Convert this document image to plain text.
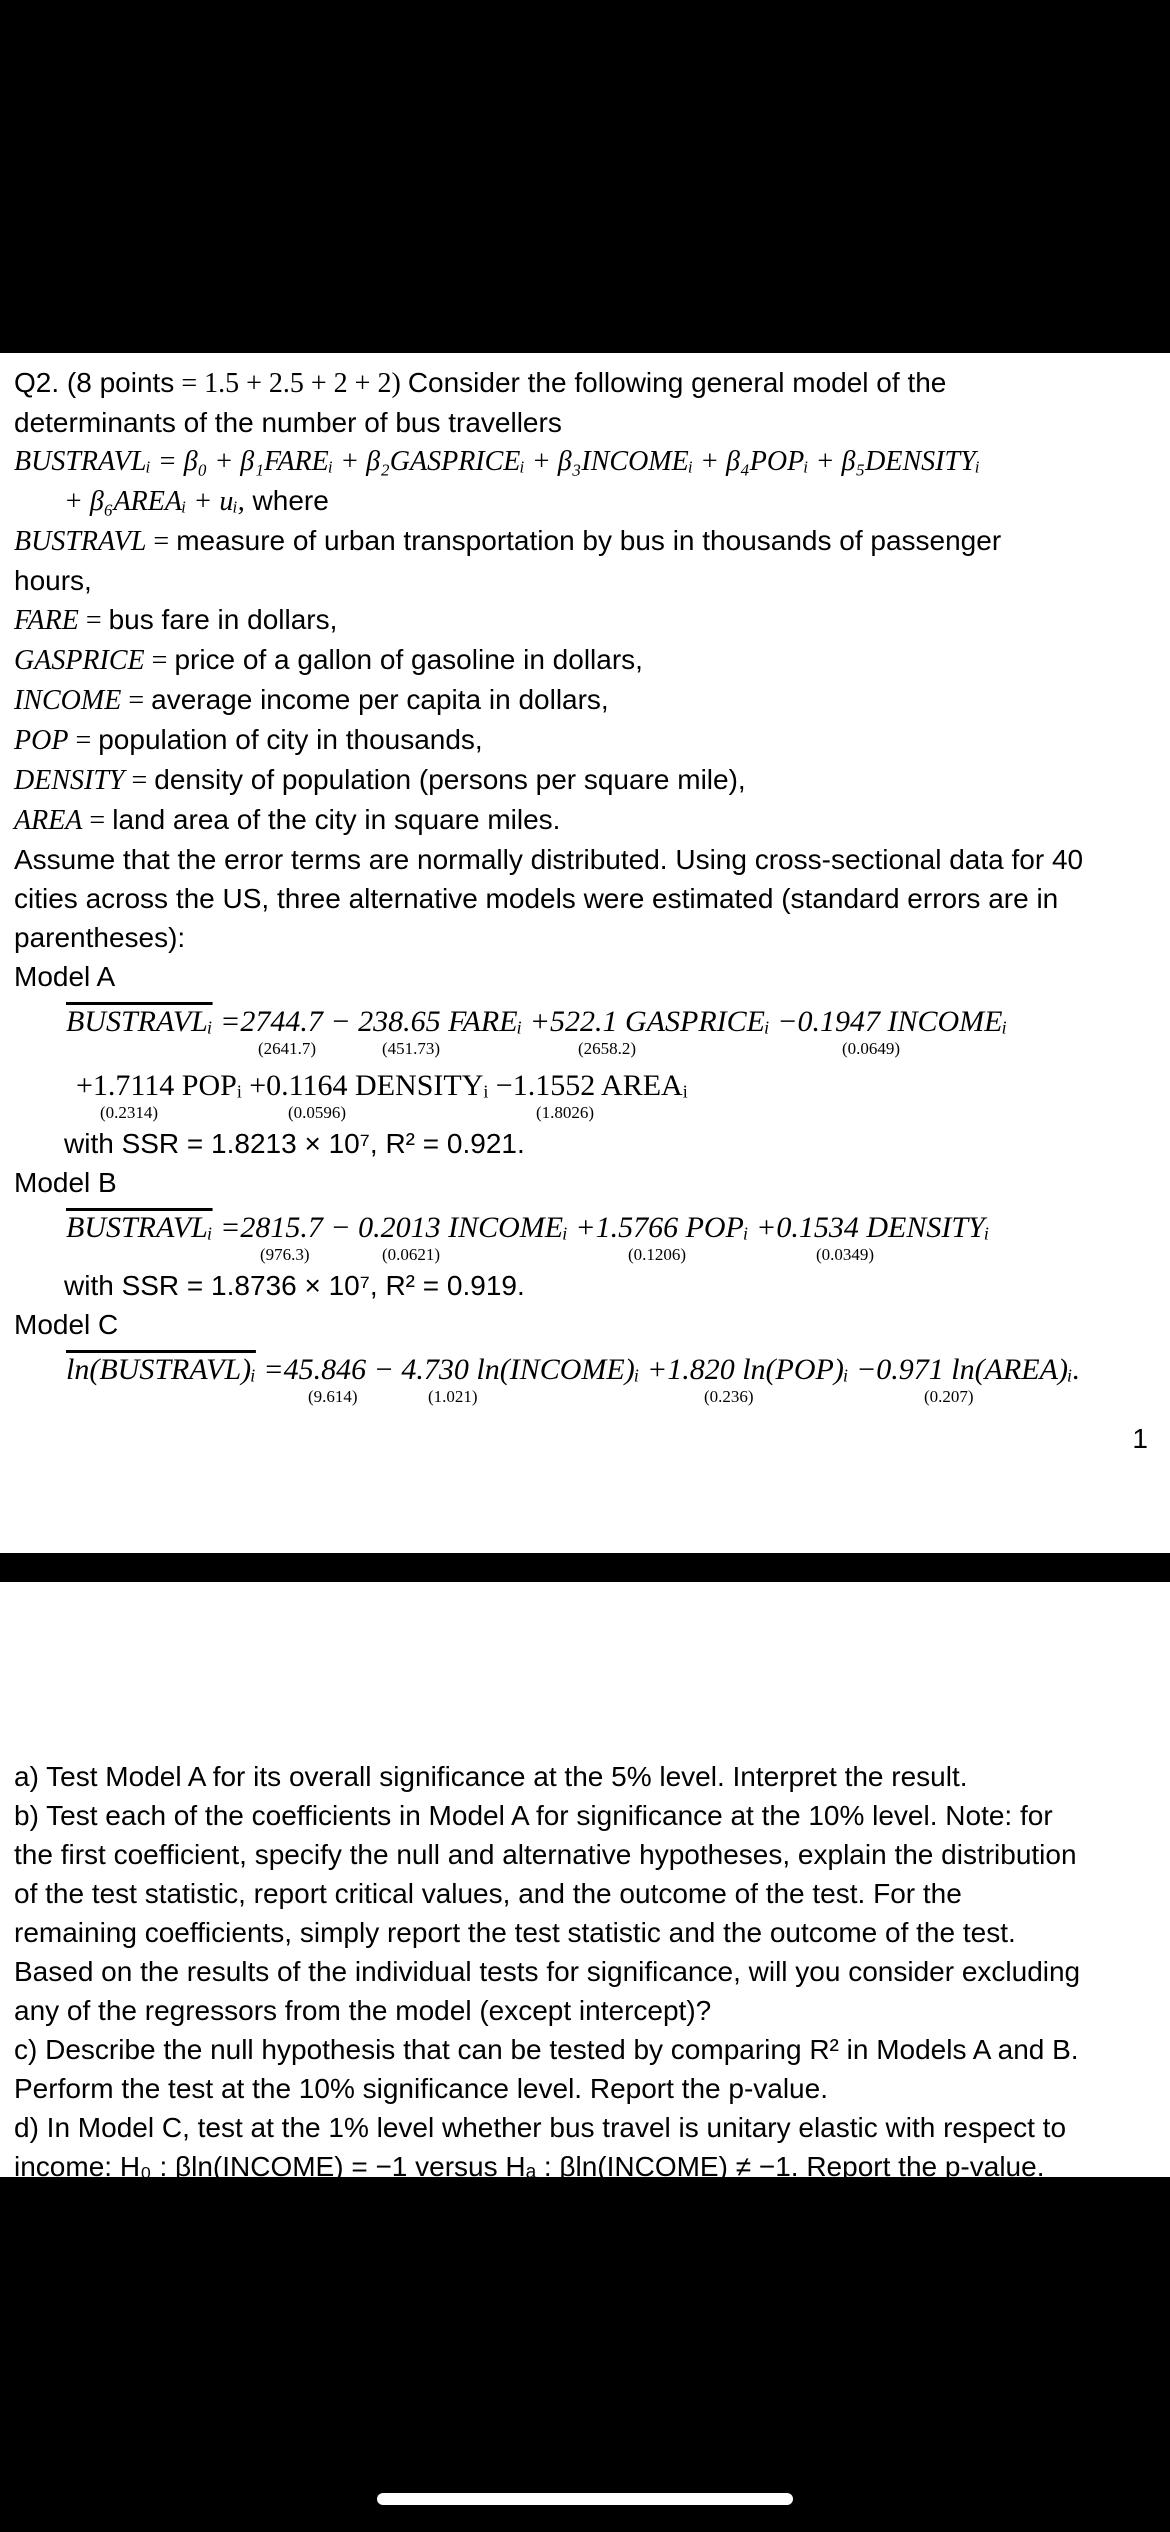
Q2. (8 points = 1.5 + 2.5 + 2 + 2) Consider the following general model of the
determinants of the number of bus travellers
BUSTRAVLᵢ = β₀ + β₁FAREᵢ + β₂GASPRICEᵢ + β₃INCOMEᵢ + β₄POPᵢ + β₅DENSITYᵢ
+ β₆AREAᵢ + uᵢ, where
BUSTRAVL = measure of urban transportation by bus in thousands of passenger
hours,
FARE = bus fare in dollars,
GASPRICE = price of a gallon of gasoline in dollars,
INCOME = average income per capita in dollars,
POP = population of city in thousands,
DENSITY = density of population (persons per square mile),
AREA = land area of the city in square miles.
Assume that the error terms are normally distributed. Using cross-sectional data for 40
cities across the US, three alternative models were estimated (standard errors are in
parentheses):
Model A
BUSTRAVLᵢ =2744.7 − 238.65 FAREᵢ +522.1 GASPRICEᵢ −0.1947 INCOMEᵢ
(2641.7)	(451.73)	(2658.2)	(0.0649)
+1.7114 POPᵢ +0.1164 DENSITYᵢ −1.1552 AREAᵢ
(0.2314)	(0.0596)	(1.8026)
with SSR = 1.8213 × 10⁷, R² = 0.921.
Model B
BUSTRAVLᵢ =2815.7 − 0.2013 INCOMEᵢ +1.5766 POPᵢ +0.1534 DENSITYᵢ
(976.3)	(0.0621)	(0.1206)	(0.0349)
with SSR = 1.8736 × 10⁷, R² = 0.919.
Model C
ln(BUSTRAVL)ᵢ =45.846 − 4.730 ln(INCOME)ᵢ +1.820 ln(POP)ᵢ −0.971 ln(AREA)ᵢ.
(9.614)	(1.021)	(0.236)	(0.207)
1
a) Test Model A for its overall significance at the 5% level. Interpret the result.
b) Test each of the coefficients in Model A for significance at the 10% level. Note: for
the first coefficient, specify the null and alternative hypotheses, explain the distribution
of the test statistic, report critical values, and the outcome of the test. For the
remaining coefficients, simply report the test statistic and the outcome of the test.
Based on the results of the individual tests for significance, will you consider excluding
any of the regressors from the model (except intercept)?
c) Describe the null hypothesis that can be tested by comparing R² in Models A and B.
Perform the test at the 10% significance level. Report the p-value.
d) In Model C, test at the 1% level whether bus travel is unitary elastic with respect to
income: H₀ : βln(INCOME) = −1 versus Hₐ : βln(INCOME) ≠ −1. Report the p-value.
